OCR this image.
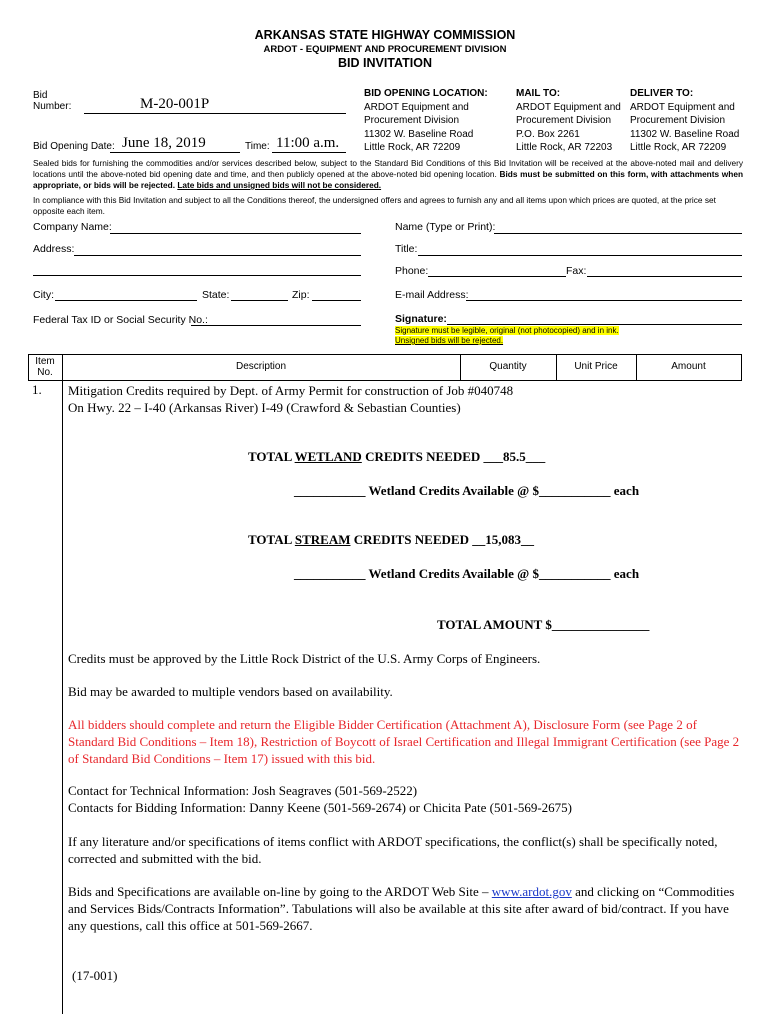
ARKANSAS STATE HIGHWAY COMMISSION
ARDOT - EQUIPMENT AND PROCUREMENT DIVISION
BID INVITATION
Bid
Number:	M-20-001P
Bid Opening Date: June 18, 2019	Time: 11:00 a.m.
BID OPENING LOCATION:
ARDOT Equipment and
Procurement Division
11302 W. Baseline Road
Little Rock, AR 72209
MAIL TO:
ARDOT Equipment and
Procurement Division
P.O. Box 2261
Little Rock, AR 72203
DELIVER TO:
ARDOT Equipment and
Procurement Division
11302 W. Baseline Road
Little Rock, AR 72209
Sealed bids for furnishing the commodities and/or services described below, subject to the Standard Bid Conditions of this Bid Invitation will be received at the above-noted mail and delivery locations until the above-noted bid opening date and time, and then publicly opened at the above-noted bid opening location. Bids must be submitted on this form, with attachments when appropriate, or bids will be rejected. Late bids and unsigned bids will not be considered.
In compliance with this Bid Invitation and subject to all the Conditions thereof, the undersigned offers and agrees to furnish any and all items upon which prices are quoted, at the price set opposite each item.
Company Name:
Address:
City:	State:	Zip:
Federal Tax ID or Social Security No.:
Name (Type or Print):
Title:
Phone:	Fax:
E-mail Address:
Signature:
Signature must be legible, original (not photocopied) and in ink.
Unsigned bids will be rejected.
Item
No.
Description	Quantity	Unit Price	Amount
1. Mitigation Credits required by Dept. of Army Permit for construction of Job #040748
On Hwy. 22 – I-40 (Arkansas River) I-49 (Crawford & Sebastian Counties)
TOTAL WETLAND CREDITS NEEDED ___85.5___
___________ Wetland Credits Available @ $___________ each
TOTAL STREAM CREDITS NEEDED __15,083__
___________ Wetland Credits Available @ $___________ each
TOTAL AMOUNT $_______________
Credits must be approved by the Little Rock District of the U.S. Army Corps of Engineers.
Bid may be awarded to multiple vendors based on availability.
All bidders should complete and return the Eligible Bidder Certification (Attachment A), Disclosure Form (see Page 2 of Standard Bid Conditions – Item 18), Restriction of Boycott of Israel Certification and Illegal Immigrant Certification (see Page 2 of Standard Bid Conditions – Item 17) issued with this bid.
Contact for Technical Information: Josh Seagraves (501-569-2522)
Contacts for Bidding Information: Danny Keene (501-569-2674) or Chicita Pate (501-569-2675)
If any literature and/or specifications of items conflict with ARDOT specifications, the conflict(s) shall be specifically noted, corrected and submitted with the bid.
Bids and Specifications are available on-line by going to the ARDOT Web Site – www.ardot.gov and clicking on “Commodities and Services Bids/Contracts Information”. Tabulations will also be available at this site after award of bid/contract. If you have any questions, call this office at 501-569-2667.
(17-001)
